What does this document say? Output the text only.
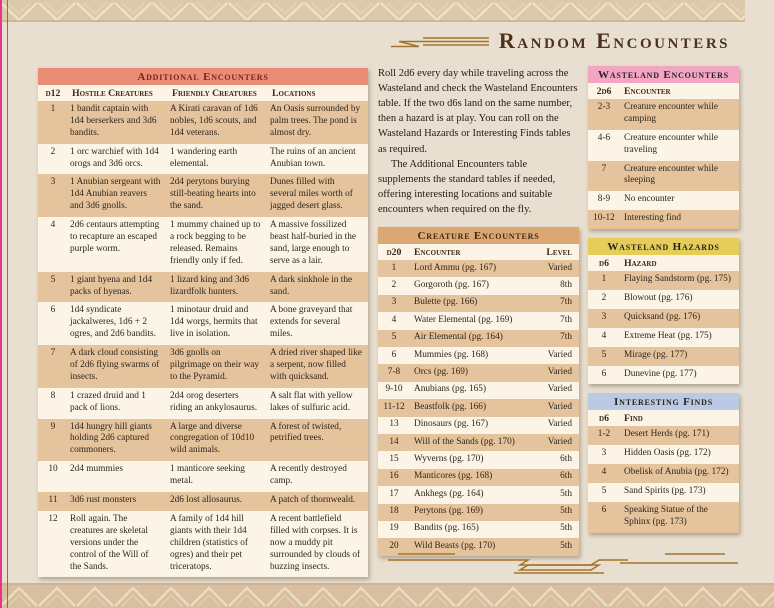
Random Encounters
Additional Encounters
d12	Hostile Creatures	Friendly Creatures	Locations
1	1 bandit captain with 1d4 berserkers and 3d6 bandits.	A Kirati caravan of 1d6 nobles, 1d6 scouts, and 1d4 veterans.	An Oasis surrounded by palm trees. The pond is almost dry.
2	1 orc warchief with 1d4 orogs and 3d6 orcs.	1 wandering earth elemental.	The ruins of an ancient Anubian town.
3	1 Anubian sergeant with 1d4 Anubian reavers and 3d6 gnolls.	2d4 perytons burying still-beating hearts into the sand.	Dunes filled with several miles worth of jagged desert glass.
4	2d6 centaurs attempting to recapture an escaped purple worm.	1 mummy chained up to a rock begging to be released. Remains friendly only if fed.	A massive fossilized beast half-buried in the sand, large enough to serve as a lair.
5	1 giant hyena and 1d4 packs of hyenas.	1 lizard king and 3d6 lizardfolk hunters.	A dark sinkhole in the sand.
6	1d4 syndicate jackalweres, 1d6 + 2 ogres, and 2d6 bandits.	1 minotaur druid and 1d4 worgs, hermits that live in isolation.	A bone graveyard that extends for several miles.
7	A dark cloud consisting of 2d6 flying swarms of insects.	3d6 gnolls on pilgrimage on their way to the Pyramid.	A dried river shaped like a serpent, now filled with quicksand.
8	1 crazed druid and 1 pack of lions.	2d4 orog deserters riding an ankylosaurus.	A salt flat with yellow lakes of sulfuric acid.
9	1d4 hungry hill giants holding 2d6 captured commoners.	A large and diverse congregation of 10d10 wild animals.	A forest of twisted, petrified trees.
10	2d4 mummies	1 manticore seeking metal.	A recently destroyed camp.
11	3d6 rust monsters	2d6 lost allosaurus.	A patch of thornweald.
12	Roll again. The creatures are skeletal versions under the control of the Will of the Sands.	A family of 1d4 hill giants with their 1d4 children (statistics of ogres) and their pet triceratops.	A recent battlefield filled with corpses. It is now a muddy pit surrounded by clouds of buzzing insects.

Roll 2d6 every day while traveling across the Wasteland and check the Wasteland Encounters table. If the two d6s land on the same number, then a hazard is at play. You can roll on the Wasteland Hazards or Interesting Finds tables as required.

The Additional Encounters table supplements the standard tables if needed, offering interesting locations and suitable encounters when required on the fly.

Creature Encounters
d20	Encounter	Level
1	Lord Ammu (pg. 167)	Varied
2	Gorgoroth (pg. 167)	8th
3	Bulette (pg. 166)	7th
4	Water Elemental (pg. 169)	7th
5	Air Elemental (pg. 164)	7th
6	Mummies (pg. 168)	Varied
7-8	Orcs (pg. 169)	Varied
9-10	Anubians (pg. 165)	Varied
11-12	Beastfolk (pg. 166)	Varied
13	Dinosaurs (pg. 167)	Varied
14	Will of the Sands (pg. 170)	Varied
15	Wyverns (pg. 170)	6th
16	Manticores (pg. 168)	6th
17	Ankhegs (pg. 164)	5th
18	Perytons (pg. 169)	5th
19	Bandits (pg. 165)	5th
20	Wild Beasts (pg. 170)	5th
Wasteland Encounters
2d6	Encounter
2-3	Creature encounter while camping
4-6	Creature encounter while traveling
7	Creature encounter while sleeping
8-9	No encounter
10-12	Interesting find
Wasteland Hazards
d6	Hazard
1	Flaying Sandstorm (pg. 175)
2	Blowout (pg. 176)
3	Quicksand (pg. 176)
4	Extreme Heat (pg. 175)
5	Mirage (pg. 177)
6	Dunevine (pg. 177)
Interesting Finds
d6	Find
1-2	Desert Herds (pg. 171)
3	Hidden Oasis (pg. 172)
4	Obelisk of Anubia (pg. 172)
5	Sand Spirits (pg. 173)
6	Speaking Statue of the Sphinx (pg. 173)
